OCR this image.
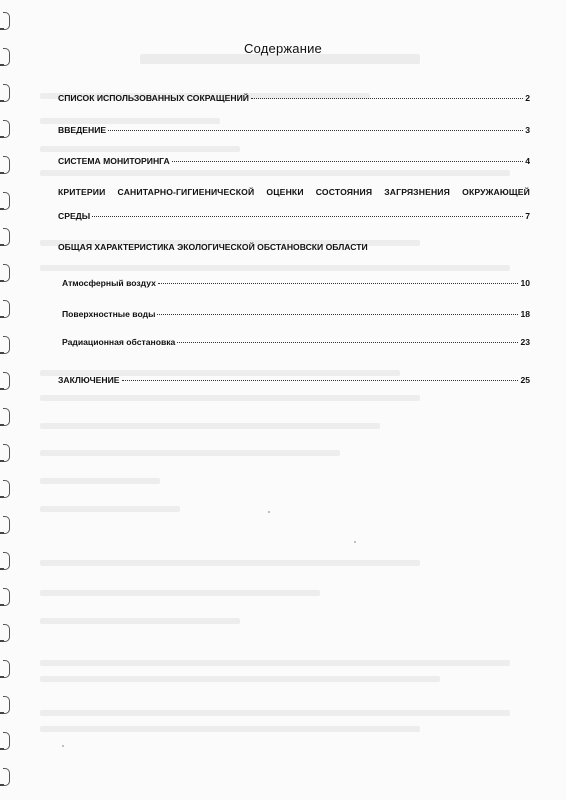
Содержание
СПИСОК ИСПОЛЬЗОВАННЫХ СОКРАЩЕНИЙ	2
ВВЕДЕНИЕ	3
СИСТЕМА МОНИТОРИНГА	4
КРИТЕРИИ САНИТАРНО-ГИГИЕНИЧЕСКОЙ ОЦЕНКИ СОСТОЯНИЯ ЗАГРЯЗНЕНИЯ ОКРУЖАЮЩЕЙ
СРЕДЫ	7
ОБЩАЯ ХАРАКТЕРИСТИКА ЭКОЛОГИЧЕСКОЙ ОБСТАНОВСКИ ОБЛАСТИ
Атмосферный воздух	10
Поверхностные воды	18
Радиационная обстановка	23
ЗАКЛЮЧЕНИЕ	25
